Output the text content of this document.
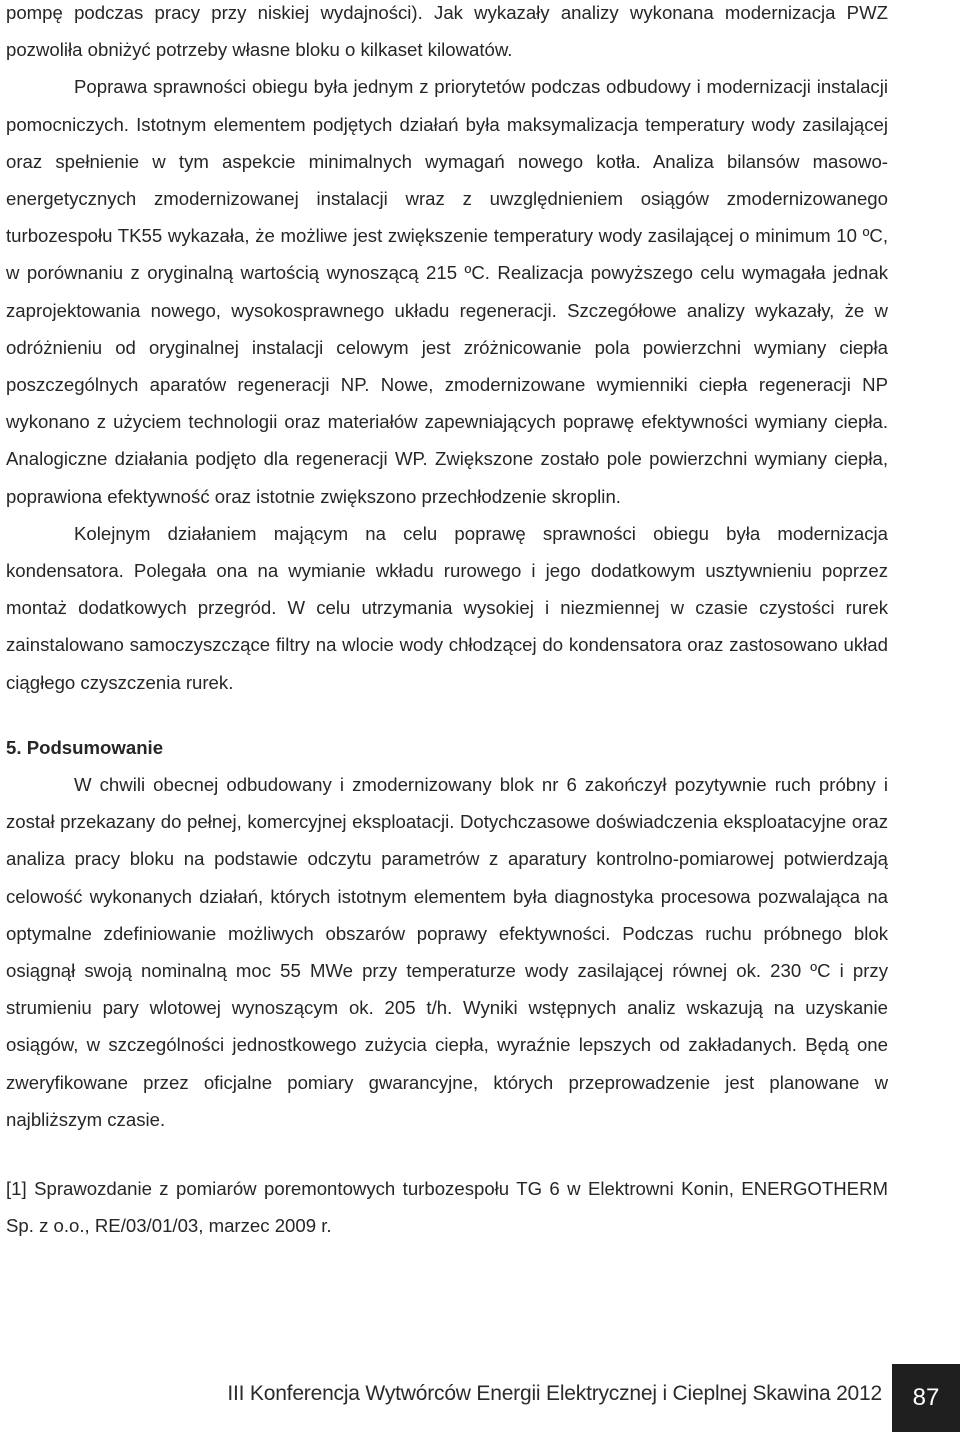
pompę podczas pracy przy niskiej wydajności). Jak wykazały analizy wykonana modernizacja PWZ pozwoliła obniżyć potrzeby własne bloku o kilkaset kilowatów.

Poprawa sprawności obiegu była jednym z priorytetów podczas odbudowy i modernizacji instalacji pomocniczych. Istotnym elementem podjętych działań była maksymalizacja temperatury wody zasilającej oraz spełnienie w tym aspekcie minimalnych wymagań nowego kotła. Analiza bilansów masowo-energetycznych zmodernizowanej instalacji wraz z uwzględnieniem osiągów zmodernizowanego turbozespołu TK55 wykazała, że możliwe jest zwiększenie temperatury wody zasilającej o minimum 10 ºC, w porównaniu z oryginalną wartością wynoszącą 215 ºC. Realizacja powyższego celu wymagała jednak zaprojektowania nowego, wysokosprawnego układu regeneracji. Szczegółowe analizy wykazały, że w odróżnieniu od oryginalnej instalacji celowym jest zróżnicowanie pola powierzchni wymiany ciepła poszczególnych aparatów regeneracji NP. Nowe, zmodernizowane wymienniki ciepła regeneracji NP wykonano z użyciem technologii oraz materiałów zapewniających poprawę efektywności wymiany ciepła. Analogiczne działania podjęto dla regeneracji WP. Zwiększone zostało pole powierzchni wymiany ciepła, poprawiona efektywność oraz istotnie zwiększono przechłodzenie skroplin.

Kolejnym działaniem mającym na celu poprawę sprawności obiegu była modernizacja kondensatora. Polegała ona na wymianie wkładu rurowego i jego dodatkowym usztywnieniu poprzez montaż dodatkowych przegród. W celu utrzymania wysokiej i niezmiennej w czasie czystości rurek zainstalowano samoczyszczące filtry na wlocie wody chłodzącej do kondensatora oraz zastosowano układ ciągłego czyszczenia rurek.

5. Podsumowanie

W chwili obecnej odbudowany i zmodernizowany blok nr 6 zakończył pozytywnie ruch próbny i został przekazany do pełnej, komercyjnej eksploatacji. Dotychczasowe doświadczenia eksploatacyjne oraz analiza pracy bloku na podstawie odczytu parametrów z aparatury kontrolno-pomiarowej potwierdzają celowość wykonanych działań, których istotnym elementem była diagnostyka procesowa pozwalająca na optymalne zdefiniowanie możliwych obszarów poprawy efektywności. Podczas ruchu próbnego blok osiągnął swoją nominalną moc 55 MWe przy temperaturze wody zasilającej równej ok. 230 ºC i przy strumieniu pary wlotowej wynoszącym ok. 205 t/h. Wyniki wstępnych analiz wskazują na uzyskanie osiągów, w szczególności jednostkowego zużycia ciepła, wyraźnie lepszych od zakładanych. Będą one zweryfikowane przez oficjalne pomiary gwarancyjne, których przeprowadzenie jest planowane w najbliższym czasie.

[1] Sprawozdanie z pomiarów poremontowych turbozespołu TG 6 w Elektrowni Konin, ENERGOTHERM Sp. z o.o., RE/03/01/03, marzec 2009 r.

III Konferencja Wytwórców Energii Elektrycznej i Cieplnej Skawina 2012 87
